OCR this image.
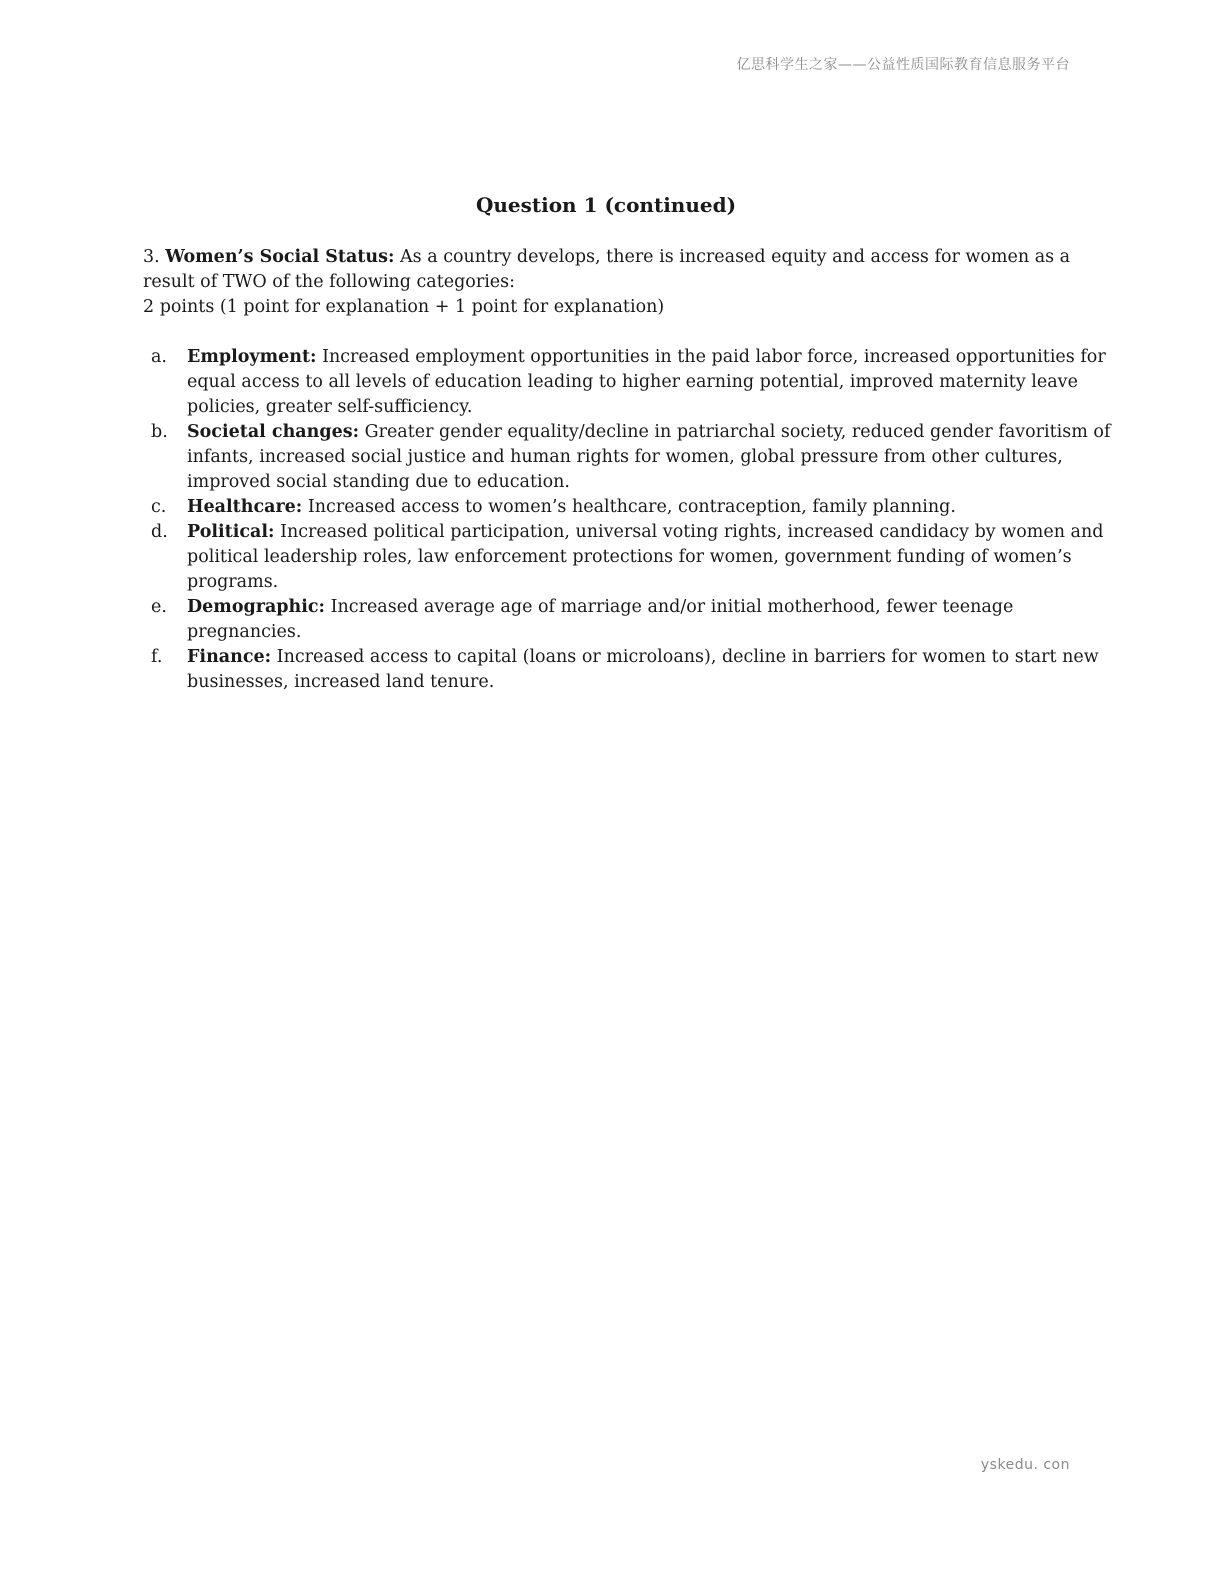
亿思科学生之家——公益性质国际教育信息服务平台
Question 1 (continued)

3. Women’s Social Status: As a country develops, there is increased equity and access for women as a result of TWO of the following categories:

2 points (1 point for explanation + 1 point for explanation)

a. Employment: Increased employment opportunities in the paid labor force, increased opportunities for equal access to all levels of education leading to higher earning potential, improved maternity leave policies, greater self-sufficiency.
b. Societal changes: Greater gender equality/decline in patriarchal society, reduced gender favoritism of infants, increased social justice and human rights for women, global pressure from other cultures, improved social standing due to education.
c. Healthcare: Increased access to women’s healthcare, contraception, family planning.
d. Political: Increased political participation, universal voting rights, increased candidacy by women and political leadership roles, law enforcement protections for women, government funding of women’s programs.
e. Demographic: Increased average age of marriage and/or initial motherhood, fewer teenage pregnancies.
f. Finance: Increased access to capital (loans or microloans), decline in barriers for women to start new businesses, increased land tenure.
yskedu. con
